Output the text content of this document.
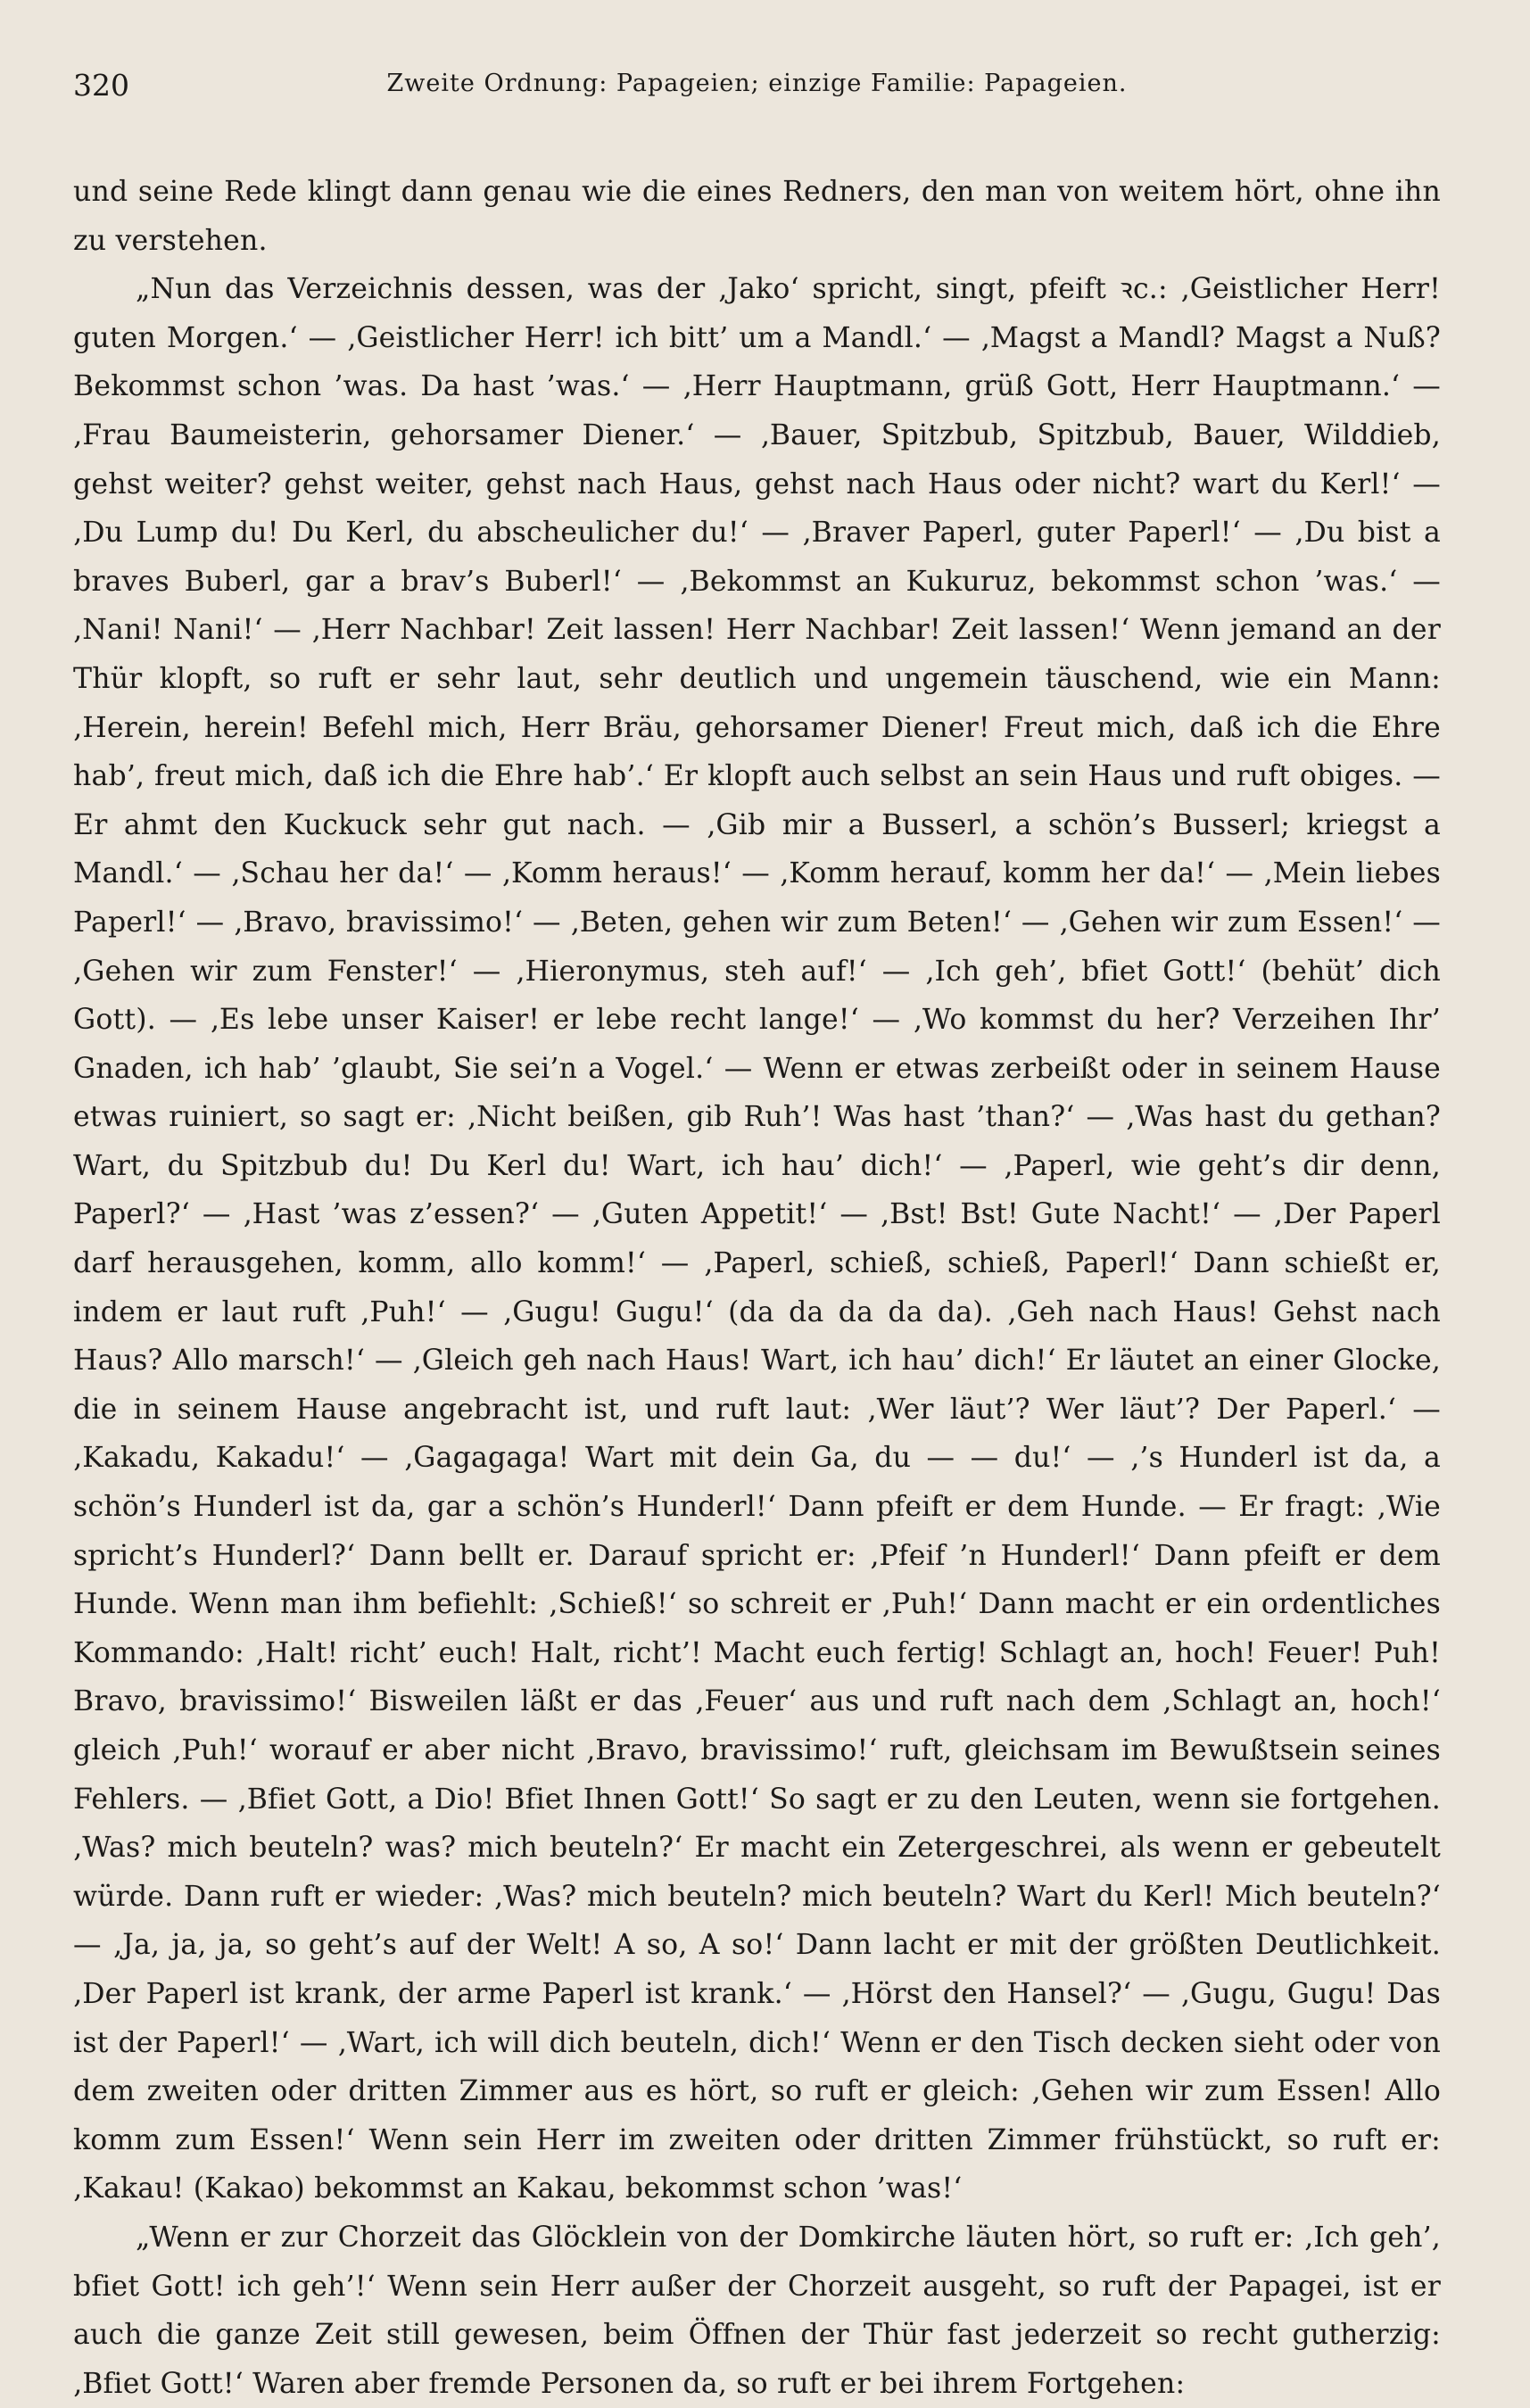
320	Zweite Ordnung: Papageien; einzige Familie: Papageien.

und seine Rede klingt dann genau wie die eines Redners, den man von weitem hört, ohne ihn zu verstehen.

„Nun das Verzeichnis dessen, was der ‚Jako‘ spricht, singt, pfeift ꝛc.: ‚Geistlicher Herr! guten Morgen.‘ — ‚Geistlicher Herr! ich bitt’ um a Mandl.‘ — ‚Magst a Mandl? Magst a Nuß? Bekommst schon ’was. Da hast ’was.‘ — ‚Herr Hauptmann, grüß Gott, Herr Hauptmann.‘ — ‚Frau Baumeisterin, gehorsamer Diener.‘ — ‚Bauer, Spitzbub, Spitzbub, Bauer, Wilddieb, gehst weiter? gehst weiter, gehst nach Haus, gehst nach Haus oder nicht? wart du Kerl!‘ — ‚Du Lump du! Du Kerl, du abscheulicher du!‘ — ‚Braver Paperl, guter Paperl!‘ — ‚Du bist a braves Buberl, gar a brav’s Buberl!‘ — ‚Bekommst an Kukuruz, bekommst schon ’was.‘ — ‚Nani! Nani!‘ — ‚Herr Nachbar! Zeit lassen! Herr Nachbar! Zeit lassen!‘ Wenn jemand an der Thür klopft, so ruft er sehr laut, sehr deutlich und ungemein täuschend, wie ein Mann: ‚Herein, herein! Befehl mich, Herr Bräu, gehorsamer Diener! Freut mich, daß ich die Ehre hab’, freut mich, daß ich die Ehre hab’.‘ Er klopft auch selbst an sein Haus und ruft obiges. — Er ahmt den Kuckuck sehr gut nach. — ‚Gib mir a Busserl, a schön’s Busserl; kriegst a Mandl.‘ — ‚Schau her da!‘ — ‚Komm heraus!‘ — ‚Komm herauf, komm her da!‘ — ‚Mein liebes Paperl!‘ — ‚Bravo, bravissimo!‘ — ‚Beten, gehen wir zum Beten!‘ — ‚Gehen wir zum Essen!‘ — ‚Gehen wir zum Fenster!‘ — ‚Hieronymus, steh auf!‘ — ‚Ich geh’, bfiet Gott!‘ (behüt’ dich Gott). — ‚Es lebe unser Kaiser! er lebe recht lange!‘ — ‚Wo kommst du her? Verzeihen Ihr’ Gnaden, ich hab’ ’glaubt, Sie sei’n a Vogel.‘ — Wenn er etwas zerbeißt oder in seinem Hause etwas ruiniert, so sagt er: ‚Nicht beißen, gib Ruh’! Was hast ’than?‘ — ‚Was hast du gethan? Wart, du Spitzbub du! Du Kerl du! Wart, ich hau’ dich!‘ — ‚Paperl, wie geht’s dir denn, Paperl?‘ — ‚Hast ’was z’essen?‘ — ‚Guten Appetit!‘ — ‚Bst! Bst! Gute Nacht!‘ — ‚Der Paperl darf herausgehen, komm, allo komm!‘ — ‚Paperl, schieß, schieß, Paperl!‘ Dann schießt er, indem er laut ruft ‚Puh!‘ — ‚Gugu! Gugu!‘ (da da da da da). ‚Geh nach Haus! Gehst nach Haus? Allo marsch!‘ — ‚Gleich geh nach Haus! Wart, ich hau’ dich!‘ Er läutet an einer Glocke, die in seinem Hause angebracht ist, und ruft laut: ‚Wer läut’? Wer läut’? Der Paperl.‘ — ‚Kakadu, Kakadu!‘ — ‚Gagagaga! Wart mit dein Ga, du — — du!‘ — ‚’s Hunderl ist da, a schön’s Hunderl ist da, gar a schön’s Hunderl!‘ Dann pfeift er dem Hunde. — Er fragt: ‚Wie spricht’s Hunderl?‘ Dann bellt er. Darauf spricht er: ‚Pfeif ’n Hunderl!‘ Dann pfeift er dem Hunde. Wenn man ihm befiehlt: ‚Schieß!‘ so schreit er ‚Puh!‘ Dann macht er ein ordentliches Kommando: ‚Halt! richt’ euch! Halt, richt’! Macht euch fertig! Schlagt an, hoch! Feuer! Puh! Bravo, bravissimo!‘ Bisweilen läßt er das ‚Feuer‘ aus und ruft nach dem ‚Schlagt an, hoch!‘ gleich ‚Puh!‘ worauf er aber nicht ‚Bravo, bravissimo!‘ ruft, gleichsam im Bewußtsein seines Fehlers. — ‚Bfiet Gott, a Dio! Bfiet Ihnen Gott!‘ So sagt er zu den Leuten, wenn sie fortgehen. ‚Was? mich beuteln? was? mich beuteln?‘ Er macht ein Zetergeschrei, als wenn er gebeutelt würde. Dann ruft er wieder: ‚Was? mich beuteln? mich beuteln? Wart du Kerl! Mich beuteln?‘ — ‚Ja, ja, ja, so geht’s auf der Welt! A so, A so!‘ Dann lacht er mit der größten Deutlichkeit. ‚Der Paperl ist krank, der arme Paperl ist krank.‘ — ‚Hörst den Hansel?‘ — ‚Gugu, Gugu! Das ist der Paperl!‘ — ‚Wart, ich will dich beuteln, dich!‘ Wenn er den Tisch decken sieht oder von dem zweiten oder dritten Zimmer aus es hört, so ruft er gleich: ‚Gehen wir zum Essen! Allo komm zum Essen!‘ Wenn sein Herr im zweiten oder dritten Zimmer frühstückt, so ruft er: ‚Kakau! (Kakao) bekommst an Kakau, bekommst schon ’was!‘

„Wenn er zur Chorzeit das Glöcklein von der Domkirche läuten hört, so ruft er: ‚Ich geh’, bfiet Gott! ich geh’!‘ Wenn sein Herr außer der Chorzeit ausgeht, so ruft der Papagei, ist er auch die ganze Zeit still gewesen, beim Öffnen der Thür fast jederzeit so recht gutherzig: ‚Bfiet Gott!‘ Waren aber fremde Personen da, so ruft er bei ihrem Fortgehen:
